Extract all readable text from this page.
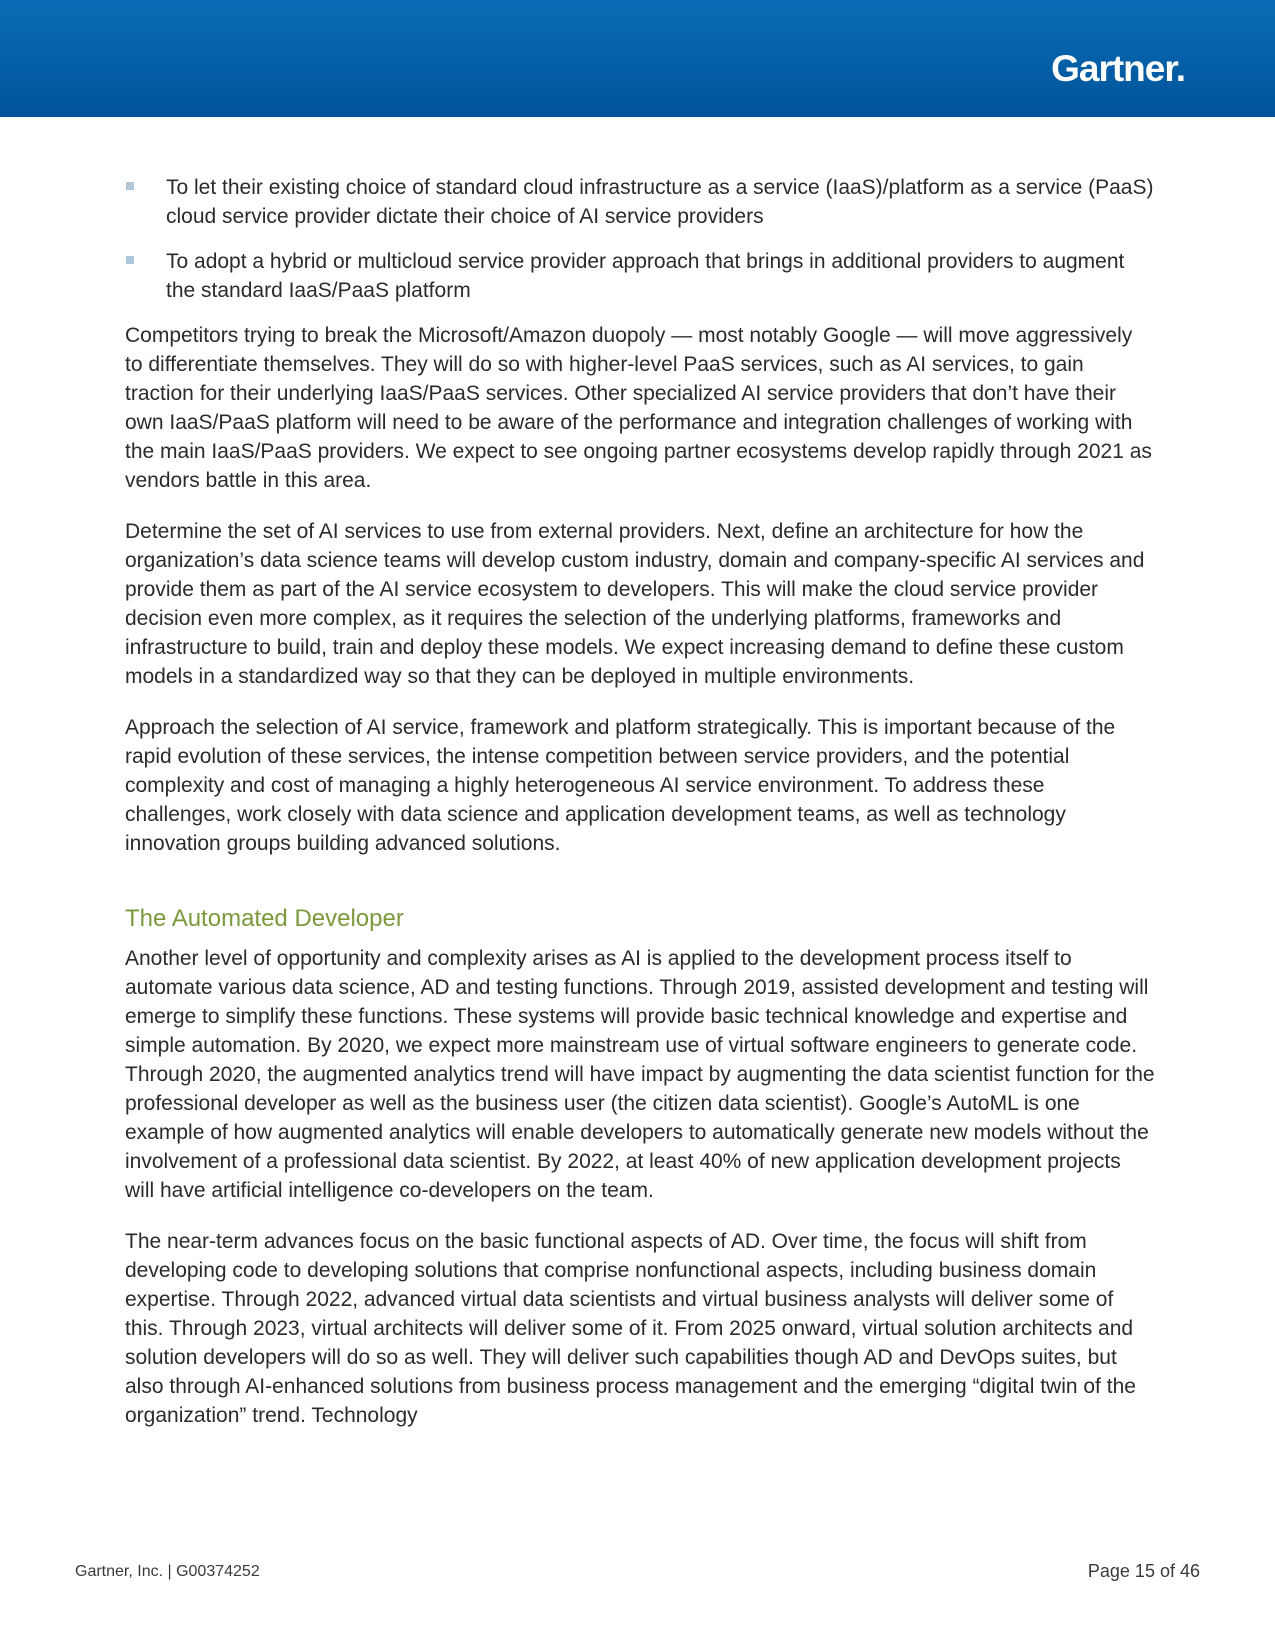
Gartner.
To let their existing choice of standard cloud infrastructure as a service (IaaS)/platform as a service (PaaS) cloud service provider dictate their choice of AI service providers
To adopt a hybrid or multicloud service provider approach that brings in additional providers to augment the standard IaaS/PaaS platform

Competitors trying to break the Microsoft/Amazon duopoly — most notably Google — will move aggressively to differentiate themselves. They will do so with higher-level PaaS services, such as AI services, to gain traction for their underlying IaaS/PaaS services. Other specialized AI service providers that don’t have their own IaaS/PaaS platform will need to be aware of the performance and integration challenges of working with the main IaaS/PaaS providers. We expect to see ongoing partner ecosystems develop rapidly through 2021 as vendors battle in this area.

Determine the set of AI services to use from external providers. Next, define an architecture for how the organization’s data science teams will develop custom industry, domain and company-specific AI services and provide them as part of the AI service ecosystem to developers. This will make the cloud service provider decision even more complex, as it requires the selection of the underlying platforms, frameworks and infrastructure to build, train and deploy these models. We expect increasing demand to define these custom models in a standardized way so that they can be deployed in multiple environments.

Approach the selection of AI service, framework and platform strategically. This is important because of the rapid evolution of these services, the intense competition between service providers, and the potential complexity and cost of managing a highly heterogeneous AI service environment. To address these challenges, work closely with data science and application development teams, as well as technology innovation groups building advanced solutions.

The Automated Developer

Another level of opportunity and complexity arises as AI is applied to the development process itself to automate various data science, AD and testing functions. Through 2019, assisted development and testing will emerge to simplify these functions. These systems will provide basic technical knowledge and expertise and simple automation. By 2020, we expect more mainstream use of virtual software engineers to generate code. Through 2020, the augmented analytics trend will have impact by augmenting the data scientist function for the professional developer as well as the business user (the citizen data scientist). Google’s AutoML is one example of how augmented analytics will enable developers to automatically generate new models without the involvement of a professional data scientist. By 2022, at least 40% of new application development projects will have artificial intelligence co-developers on the team.

The near-term advances focus on the basic functional aspects of AD. Over time, the focus will shift from developing code to developing solutions that comprise nonfunctional aspects, including business domain expertise. Through 2022, advanced virtual data scientists and virtual business analysts will deliver some of this. Through 2023, virtual architects will deliver some of it. From 2025 onward, virtual solution architects and solution developers will do so as well. They will deliver such capabilities though AD and DevOps suites, but also through AI-enhanced solutions from business process management and the emerging “digital twin of the organization” trend. Technology

Gartner, Inc. | G00374252	Page 15 of 46
